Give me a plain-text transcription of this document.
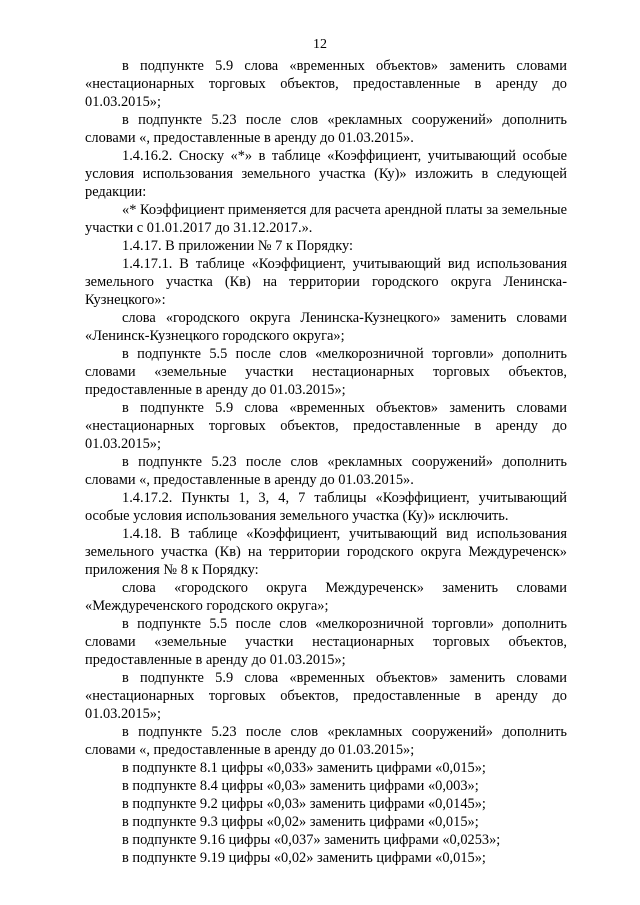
12

в подпункте 5.9 слова «временных объектов» заменить словами «нестационарных торговых объектов, предоставленные в аренду до 01.03.2015»;

в подпункте 5.23 после слов «рекламных сооружений» дополнить словами «, предоставленные в аренду до 01.03.2015».

1.4.16.2. Сноску «*» в таблице «Коэффициент, учитывающий особые условия использования земельного участка (Ку)» изложить в следующей редакции:

«* Коэффициент применяется для расчета арендной платы за земельные участки с 01.01.2017 до 31.12.2017.».

1.4.17. В приложении № 7 к Порядку:

1.4.17.1. В таблице «Коэффициент, учитывающий вид использования земельного участка (Кв) на территории городского округа Ленинска-Кузнецкого»:

слова «городского округа Ленинска-Кузнецкого» заменить словами «Ленинск-Кузнецкого городского округа»;

в подпункте 5.5 после слов «мелкорозничной торговли» дополнить словами «земельные участки нестационарных торговых объектов, предоставленные в аренду до 01.03.2015»;

в подпункте 5.9 слова «временных объектов» заменить словами «нестационарных торговых объектов, предоставленные в аренду до 01.03.2015»;

в подпункте 5.23 после слов «рекламных сооружений» дополнить словами «, предоставленные в аренду до 01.03.2015».

1.4.17.2. Пункты 1, 3, 4, 7 таблицы «Коэффициент, учитывающий особые условия использования земельного участка (Ку)» исключить.

1.4.18. В таблице «Коэффициент, учитывающий вид использования земельного участка (Кв) на территории городского округа Междуреченск» приложения № 8 к Порядку:

слова «городского округа Междуреченск» заменить словами «Междуреченского городского округа»;

в подпункте 5.5 после слов «мелкорозничной торговли» дополнить словами «земельные участки нестационарных торговых объектов, предоставленные в аренду до 01.03.2015»;

в подпункте 5.9 слова «временных объектов» заменить словами «нестационарных торговых объектов, предоставленные в аренду до 01.03.2015»;

в подпункте 5.23 после слов «рекламных сооружений» дополнить словами «, предоставленные в аренду до 01.03.2015»;

в подпункте 8.1 цифры «0,033» заменить цифрами «0,015»;

в подпункте 8.4 цифры «0,03» заменить цифрами «0,003»;

в подпункте 9.2 цифры «0,03» заменить цифрами «0,0145»;

в подпункте 9.3 цифры «0,02» заменить цифрами «0,015»;

в подпункте 9.16 цифры «0,037» заменить цифрами «0,0253»;

в подпункте 9.19 цифры «0,02» заменить цифрами «0,015»;
